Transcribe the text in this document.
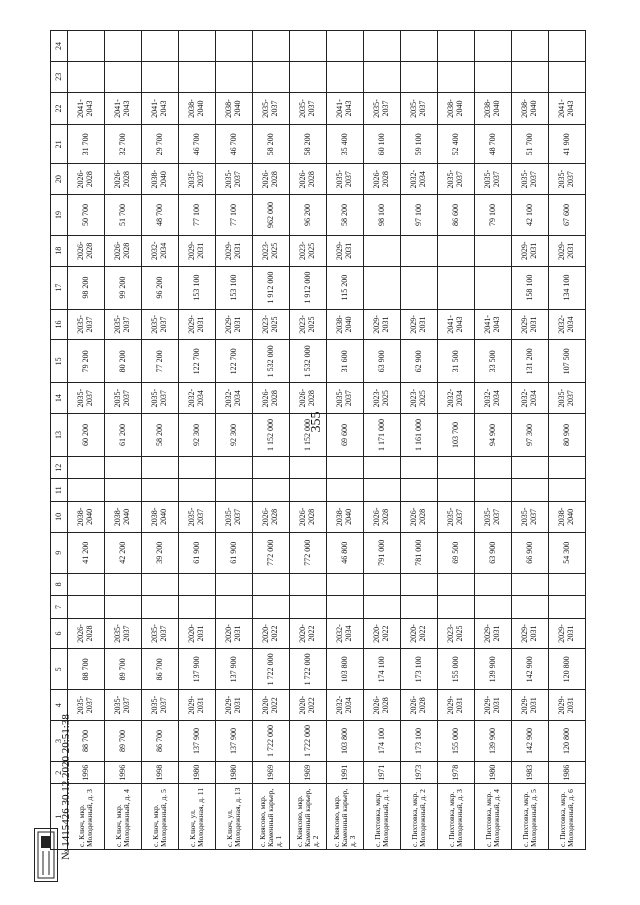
355
1	2	3	4	5	6	7	8	9	10	11	12	13	14	15	16	17	18	19	20	21	22	23	24
с. Ключ, мкр. Молодежный, д. 3	1996	88 700	2035-2037	88 700	2026-2028			41 200	2038-2040			60 200	2035-2037	79 200	2035-2037	98 200	2026-2028	50 700	2026-2028	31 700	2041-2043		
с. Ключ, мкр. Молодежный, д. 4	1996	89 700	2035-2037	89 700	2035-2037			42 200	2038-2040			61 200	2035-2037	80 200	2035-2037	99 200	2026-2028	51 700	2026-2028	32 700	2041-2043		
с. Ключ, мкр. Молодежный, д. 5	1998	86 700	2035-2037	86 700	2035-2037			39 200	2038-2040			58 200	2035-2037	77 200	2035-2037	96 200	2032-2034	48 700	2038-2040	29 700	2041-2043		
с. Ключ, ул. Молодежная, д. 11	1980	137 900	2029-2031	137 900	2020-2031			61 900	2035-2037			92 300	2032-2034	122 700	2029-2031	153 100	2029-2031	77 100	2035-2037	46 700	2038-2040		
с. Ключ, ул. Молодежная, д. 13	1980	137 900	2029-2031	137 900	2020-2031			61 900	2035-2037			92 300	2032-2034	122 700	2029-2031	153 100	2029-2031	77 100	2035-2037	46 700	2038-2040		
с. Киясово, мкр. Каменный карьер, д. 1	1969	1 722 000	2020-2022	1 722 000	2020-2022			772 000	2026-2028			1 152 000	2026-2028	1 532 000	2023-2025	1 912 000	2023-2025	962 000	2026-2028	58 200	2035-2037		
с. Киясово, мкр. Каменный карьер, д. 2	1969	1 722 000	2020-2022	1 722 000	2020-2022			772 000	2026-2028			1 152 000	2026-2028	1 532 000	2023-2025	1 912 000	2023-2025	96 200	2026-2028	58 200	2035-2037		
с. Киясово, мкр. Каменный карьер, д. 3	1991	103 800	2032-2034	103 800	2032-2034			46 800	2038-2040			69 600	2035-2037	31 600	2038-2040	115 200	2029-2031	58 200	2035-2037	35 400	2041-2043		
с. Пихтовка, мкр. Молодежный, д. 1	1971	174 100	2026-2028	174 100	2020-2022			791 000	2026-2028			1 171 000	2023-2025	63 900	2029-2031			98 100	2026-2028	60 100	2035-2037		
с. Пихтовка, мкр. Молодежный, д. 2	1973	173 100	2026-2028	173 100	2020-2022			781 000	2026-2028			1 161 000	2023-2025	62 900	2029-2031			97 100	2032-2034	59 100	2035-2037		
с. Пихтовка, мкр. Молодежный, д. 3	1978	155 000	2029-2031	155 000	2023-2025			69 500	2035-2037			103 700	2032-2034	31 500	2041-2043			86 600	2035-2037	52 400	2038-2040		
с. Пихтовка, мкр. Молодежный, д. 4	1980	139 900	2029-2031	139 900	2029-2031			63 900	2035-2037			94 900	2032-2034	33 500	2041-2043			79 100	2035-2037	48 700	2038-2040		
с. Пихтовка, мкр. Молодежный, д. 5	1983	142 900	2029-2031	142 900	2029-2031			66 900	2035-2037			97 300	2032-2034	131 200	2029-2031	158 100	2029-2031	42 100	2035-2037	51 700	2038-2040		
с. Пихтовка, мкр. Молодежный, д. 6	1986	120 800	2029-2031	120 800	2029-2031			54 300	2038-2040			80 900	2035-2037	107 500	2032-2034	134 100	2029-2031	67 600	2035-2037	41 900	2041-2043		
№ 1415426 30.12.2020 20:51:38
